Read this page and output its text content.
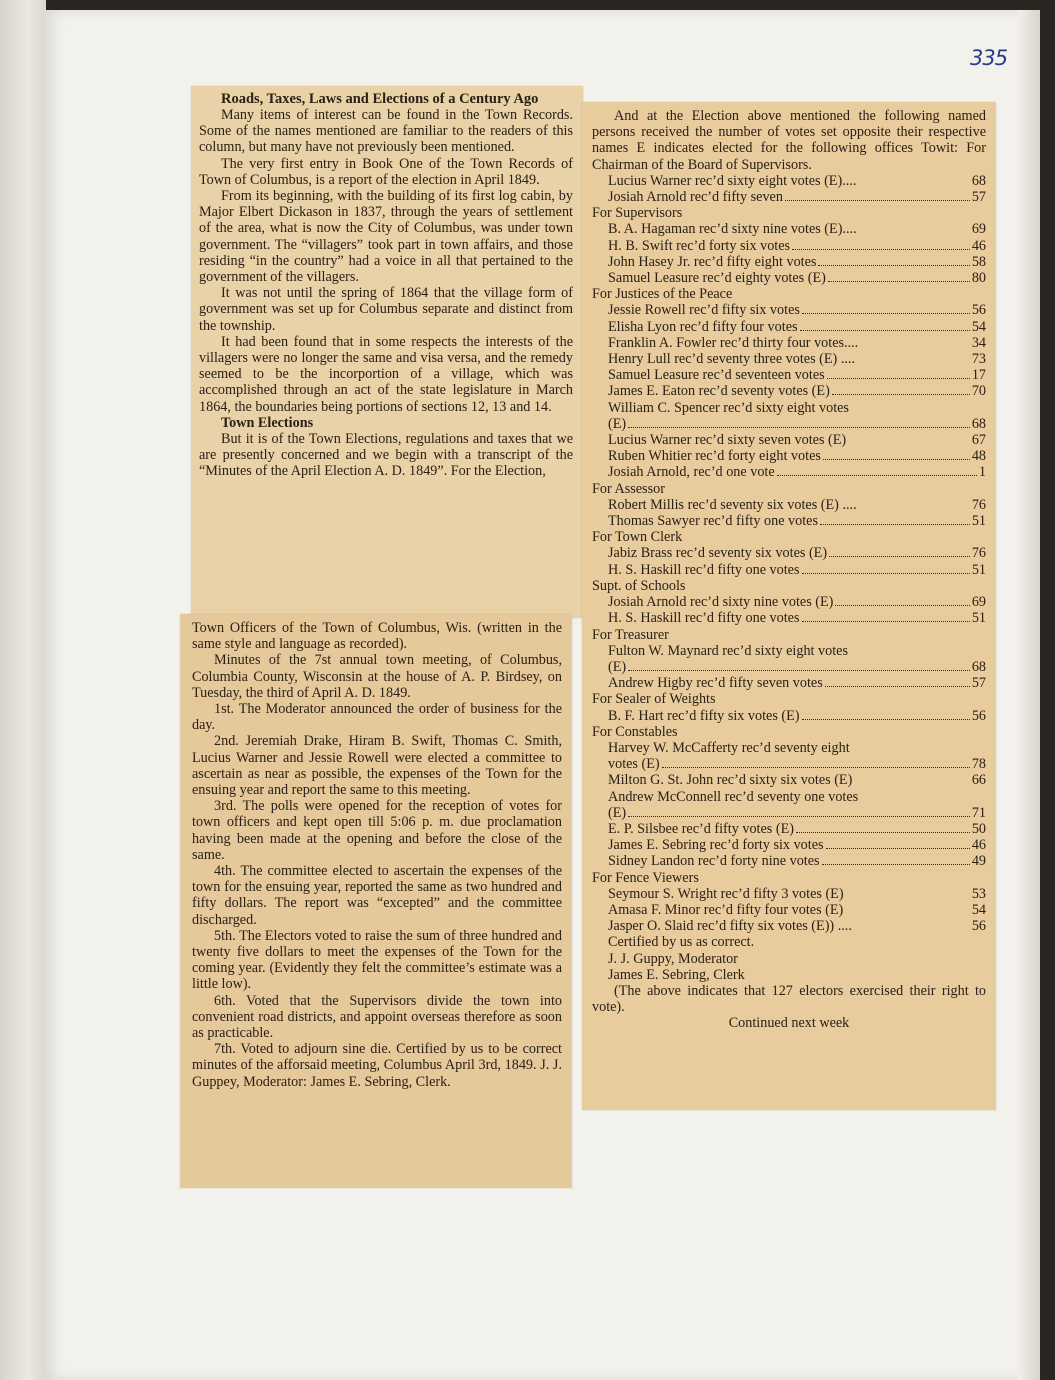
335

Roads, Taxes, Laws and Elections of a Century Ago

Many items of interest can be found in the Town Records. Some of the names mentioned are familiar to the readers of this column, but many have not previously been mentioned.

The very first entry in Book One of the Town Records of Town of Columbus, is a report of the election in April 1849.

From its beginning, with the building of its first log cabin, by Major Elbert Dickason in 1837, through the years of settlement of the area, what is now the City of Columbus, was under town government. The “villagers” took part in town affairs, and those residing “in the country” had a voice in all that pertained to the government of the villagers.

It was not until the spring of 1864 that the village form of government was set up for Columbus separate and distinct from the township.

It had been found that in some respects the interests of the villagers were no longer the same and visa versa, and the remedy seemed to be the incorportion of a village, which was accomplished through an act of the state legislature in March 1864, the boundaries being portions of sections 12, 13 and 14.

Town Elections

But it is of the Town Elections, regulations and taxes that we are presently concerned and we begin with a transcript of the “Minutes of the April Election A. D. 1849”. For the Election,

Town Officers of the Town of Columbus, Wis. (written in the same style and language as recorded).

Minutes of the 7st annual town meeting, of Columbus, Columbia County, Wisconsin at the house of A. P. Birdsey, on Tuesday, the third of April A. D. 1849.

1st. The Moderator announced the order of business for the day.

2nd. Jeremiah Drake, Hiram B. Swift, Thomas C. Smith, Lucius Warner and Jessie Rowell were elected a committee to ascertain as near as possible, the expenses of the Town for the ensuing year and report the same to this meeting.

3rd. The polls were opened for the reception of votes for town officers and kept open till 5:06 p. m. due proclamation having been made at the opening and before the close of the same.

4th. The committee elected to ascertain the expenses of the town for the ensuing year, reported the same as two hundred and fifty dollars. The report was “excepted” and the committee discharged.

5th. The Electors voted to raise the sum of three hundred and twenty five dollars to meet the expenses of the Town for the coming year. (Evidently they felt the committee’s estimate was a little low).

6th. Voted that the Supervisors divide the town into convenient road districts, and appoint overseas therefore as soon as practicable.

7th. Voted to adjourn sine die. Certified by us to be correct minutes of the afforsaid meeting, Columbus April 3rd, 1849. J. J. Guppey, Moderator: James E. Sebring, Clerk.

And at the Election above mentioned the following named persons received the number of votes set opposite their respective names E indicates elected for the following offices Towit: For Chairman of the Board of Supervisors.

Lucius Warner rec’d sixty eight votes (E)....	68
Josiah Arnold rec’d fifty seven	57
For Supervisors
B. A. Hagaman rec’d sixty nine votes (E)....	69
H. B. Swift rec’d forty six votes	46
John Hasey Jr. rec’d fifty eight votes	58
Samuel Leasure rec’d eighty votes (E)	80
For Justices of the Peace
Jessie Rowell rec’d fifty six votes	56
Elisha Lyon rec’d fifty four votes	54
Franklin A. Fowler rec’d thirty four votes....	34
Henry Lull rec’d seventy three votes (E) ....	73
Samuel Leasure rec’d seventeen votes	17
James E. Eaton rec’d seventy votes (E)	70
William C. Spencer rec’d sixty eight votes
(E)	68
Lucius Warner rec’d sixty seven votes (E)	67
Ruben Whitier rec’d forty eight votes	48
Josiah Arnold, rec’d one vote	1
For Assessor
Robert Millis rec’d seventy six votes (E) ....	76
Thomas Sawyer rec’d fifty one votes	51
For Town Clerk
Jabiz Brass rec’d seventy six votes (E)	76
H. S. Haskill rec’d fifty one votes	51
Supt. of Schools
Josiah Arnold rec’d sixty nine votes (E)	69
H. S. Haskill rec’d fifty one votes	51
For Treasurer
Fulton W. Maynard rec’d sixty eight votes
(E)	68
Andrew Higby rec’d fifty seven votes	57
For Sealer of Weights
B. F. Hart rec’d fifty six votes (E)	56
For Constables
Harvey W. McCafferty rec’d seventy eight
votes (E)	78
Milton G. St. John rec’d sixty six votes (E)	66
Andrew McConnell rec’d seventy one votes
(E)	71
E. P. Silsbee rec’d fifty votes (E)	50
James E. Sebring rec’d forty six votes	46
Sidney Landon rec’d forty nine votes	49
For Fence Viewers
Seymour S. Wright rec’d fifty 3 votes (E)	53
Amasa F. Minor rec’d fifty four votes (E)	54
Jasper O. Slaid rec’d fifty six votes (E)) ....	56
Certified by us as correct.
J. J. Guppy, Moderator
James E. Sebring, Clerk

(The above indicates that 127 electors exercised their right to vote).

Continued next week
